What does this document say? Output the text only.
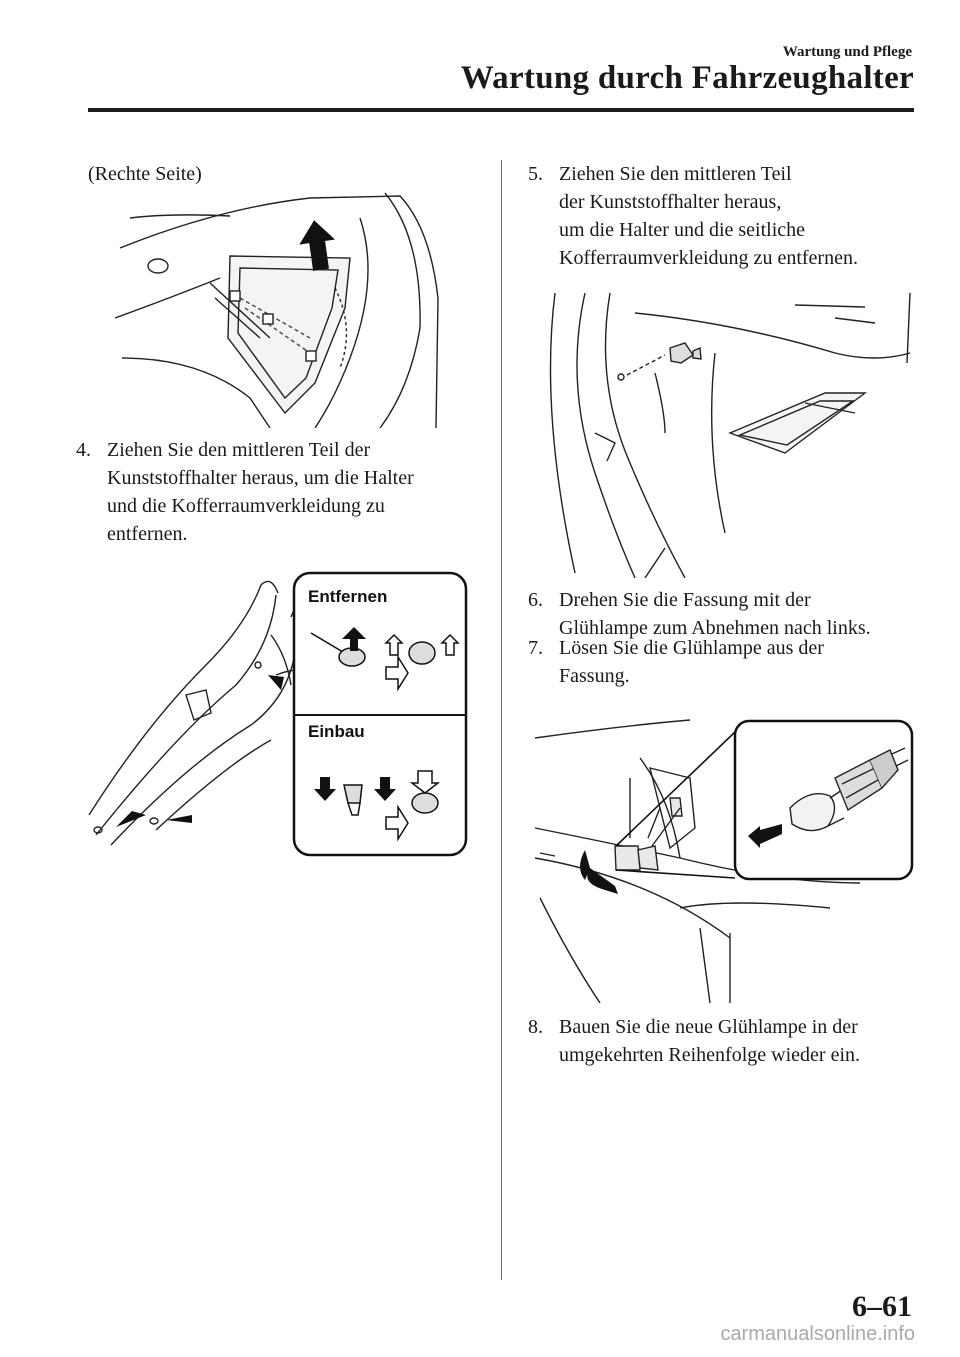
Wartung und Pflege
Wartung durch Fahrzeughalter
(Rechte Seite)
4. Ziehen Sie den mittleren Teil der
Kunststoffhalter heraus, um die Halter
und die Kofferraumverkleidung zu
entfernen.
Entfernen
Einbau
5. Ziehen Sie den mittleren Teil
der Kunststoffhalter heraus,
um die Halter und die seitliche
Kofferraumverkleidung zu entfernen.
6. Drehen Sie die Fassung mit der
Glühlampe zum Abnehmen nach links.
7. Lösen Sie die Glühlampe aus der
Fassung.
8. Bauen Sie die neue Glühlampe in der
umgekehrten Reihenfolge wieder ein.
6–61
carmanualsonline.info
